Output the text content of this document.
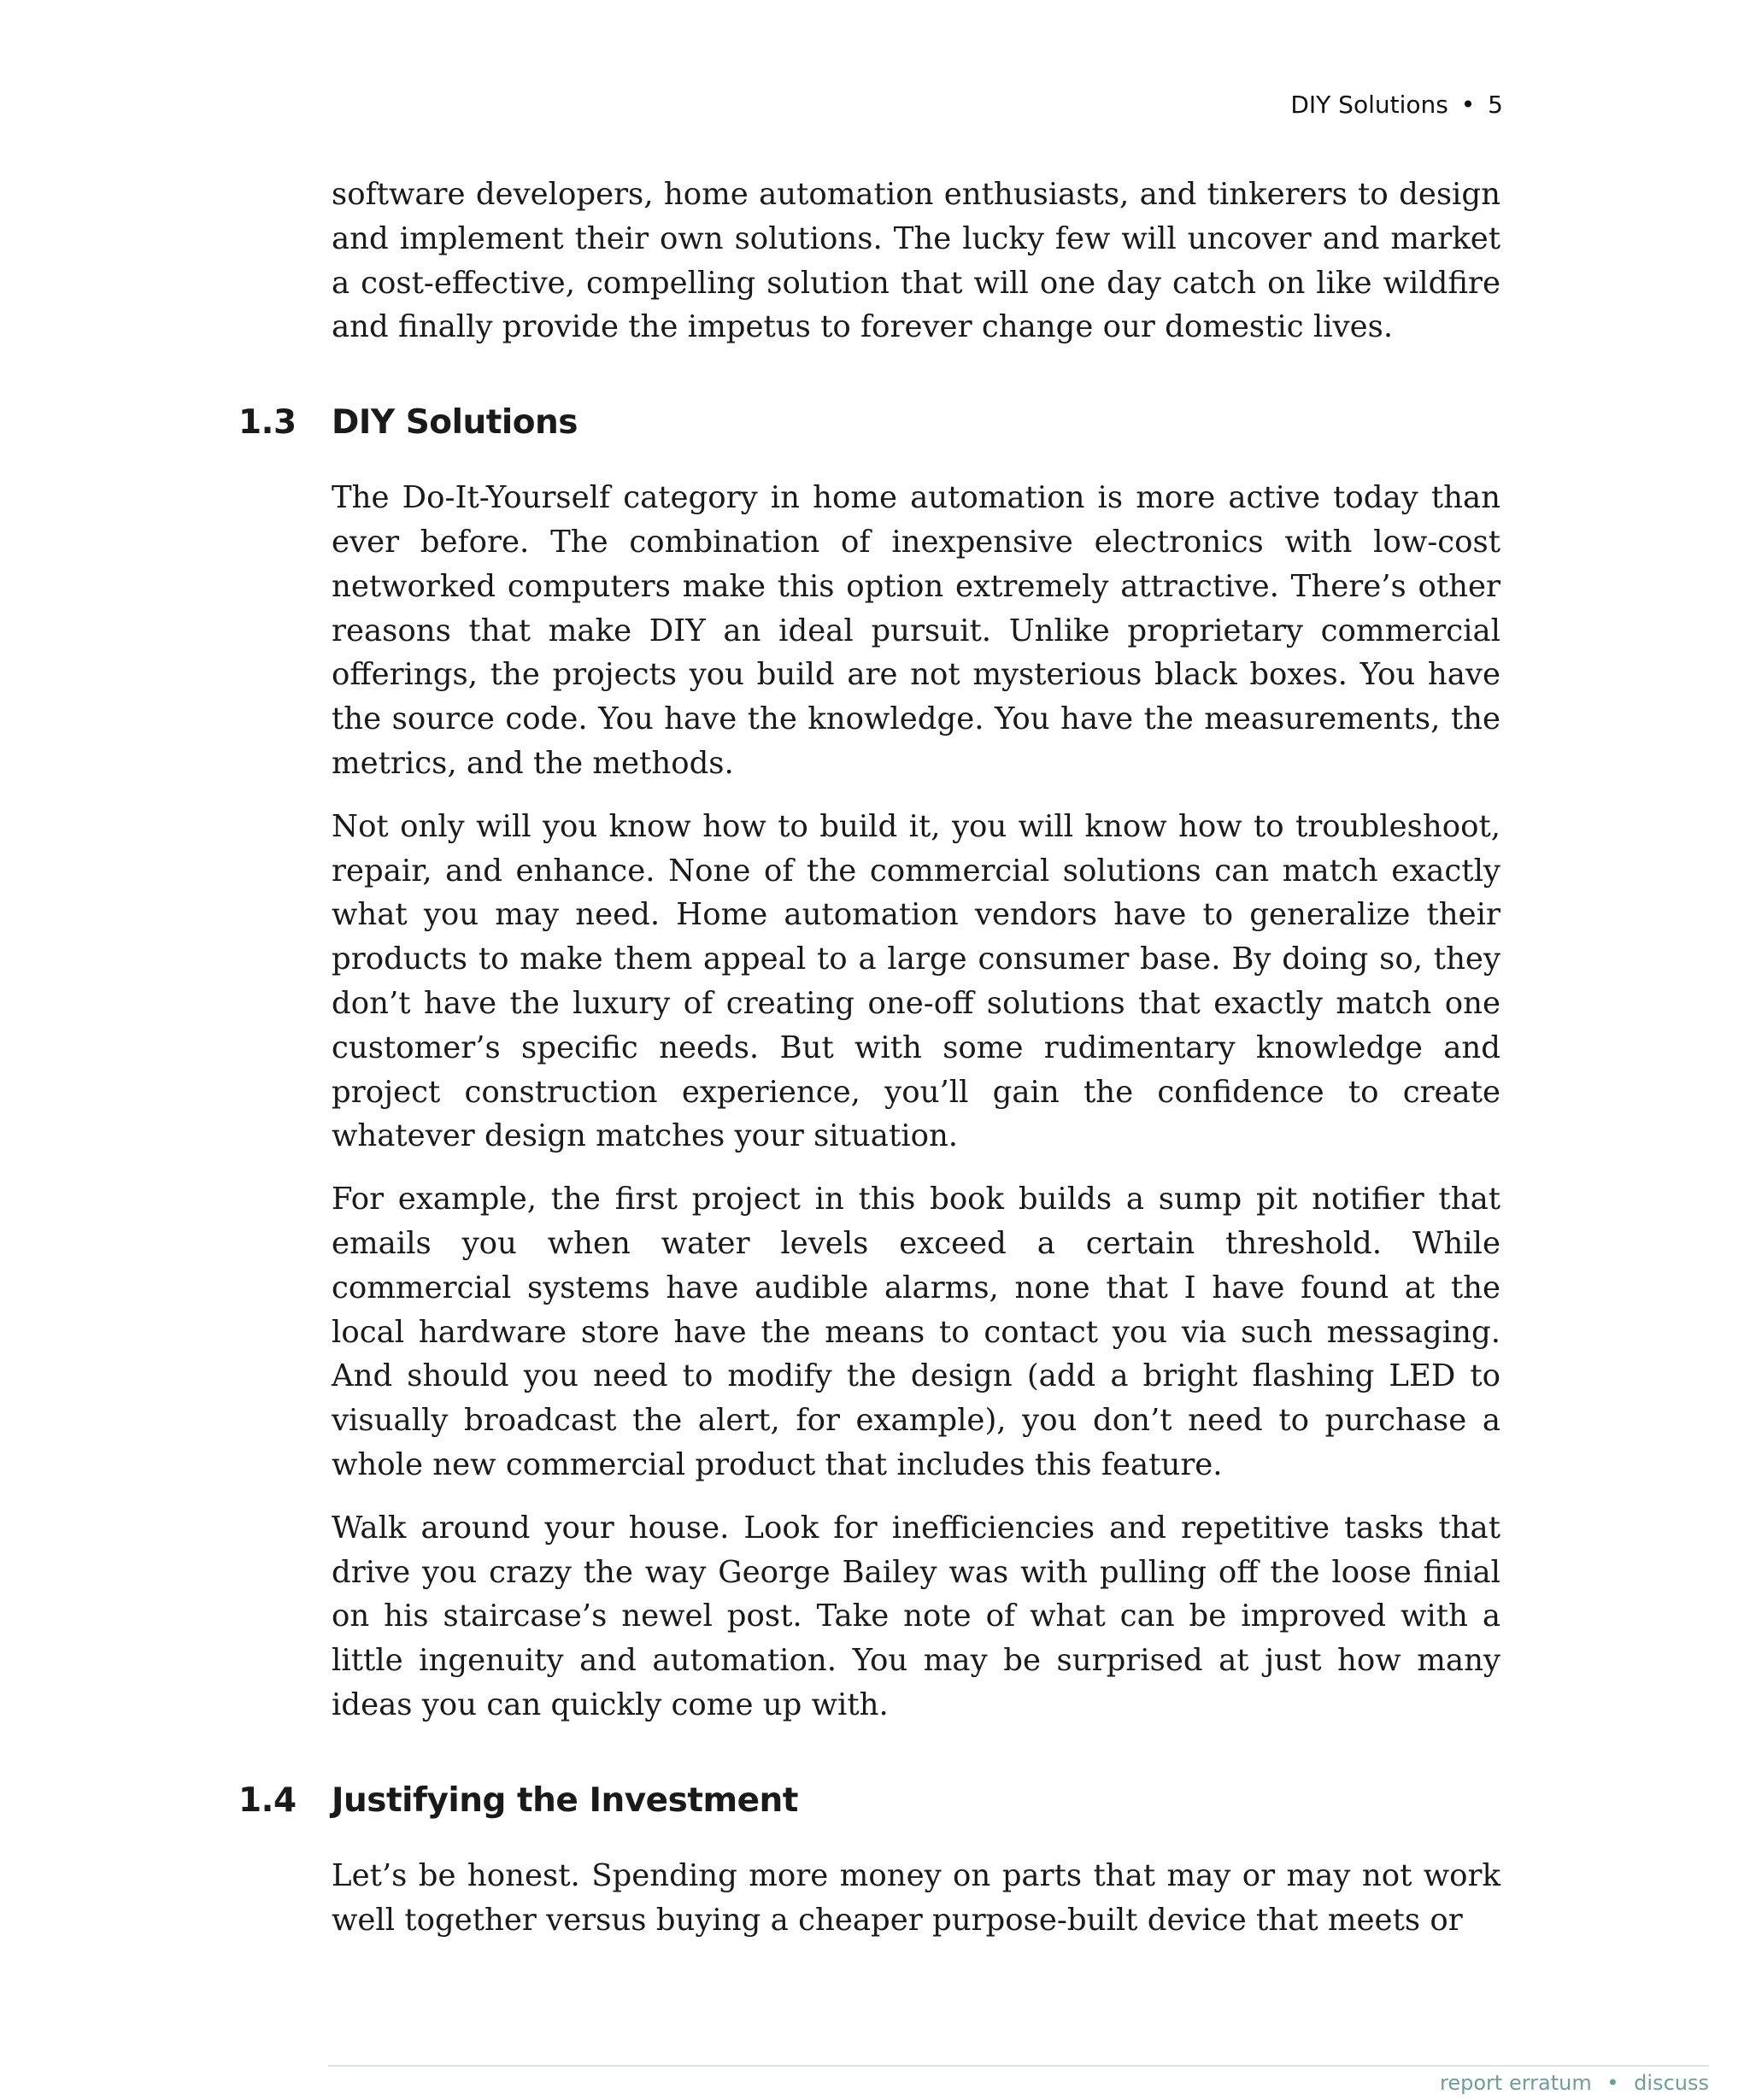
DIY Solutions • 5

software developers, home automation enthusiasts, and tinkerers to design and implement their own solutions. The lucky few will uncover and market a cost-effective, compelling solution that will one day catch on like wildfire and finally provide the impetus to forever change our domestic lives.

1.3 DIY Solutions

The Do-It-Yourself category in home automation is more active today than ever before. The combination of inexpensive electronics with low-cost networked computers make this option extremely attractive. There’s other reasons that make DIY an ideal pursuit. Unlike proprietary commercial offerings, the projects you build are not mysterious black boxes. You have the source code. You have the knowledge. You have the measurements, the metrics, and the methods.

Not only will you know how to build it, you will know how to troubleshoot, repair, and enhance. None of the commercial solutions can match exactly what you may need. Home automation vendors have to generalize their products to make them appeal to a large consumer base. By doing so, they don’t have the luxury of creating one-off solutions that exactly match one customer’s specific needs. But with some rudimentary knowledge and project construction experience, you’ll gain the confidence to create whatever design matches your situation.

For example, the first project in this book builds a sump pit notifier that emails you when water levels exceed a certain threshold. While commercial systems have audible alarms, none that I have found at the local hardware store have the means to contact you via such messaging. And should you need to modify the design (add a bright flashing LED to visually broadcast the alert, for example), you don’t need to purchase a whole new commercial product that includes this feature.

Walk around your house. Look for inefficiencies and repetitive tasks that drive you crazy the way George Bailey was with pulling off the loose finial on his staircase’s newel post. Take note of what can be improved with a little ingenuity and automation. You may be surprised at just how many ideas you can quickly come up with.

1.4 Justifying the Investment

Let’s be honest. Spending more money on parts that may or may not work well together versus buying a cheaper purpose-built device that meets or

report erratum • discuss
